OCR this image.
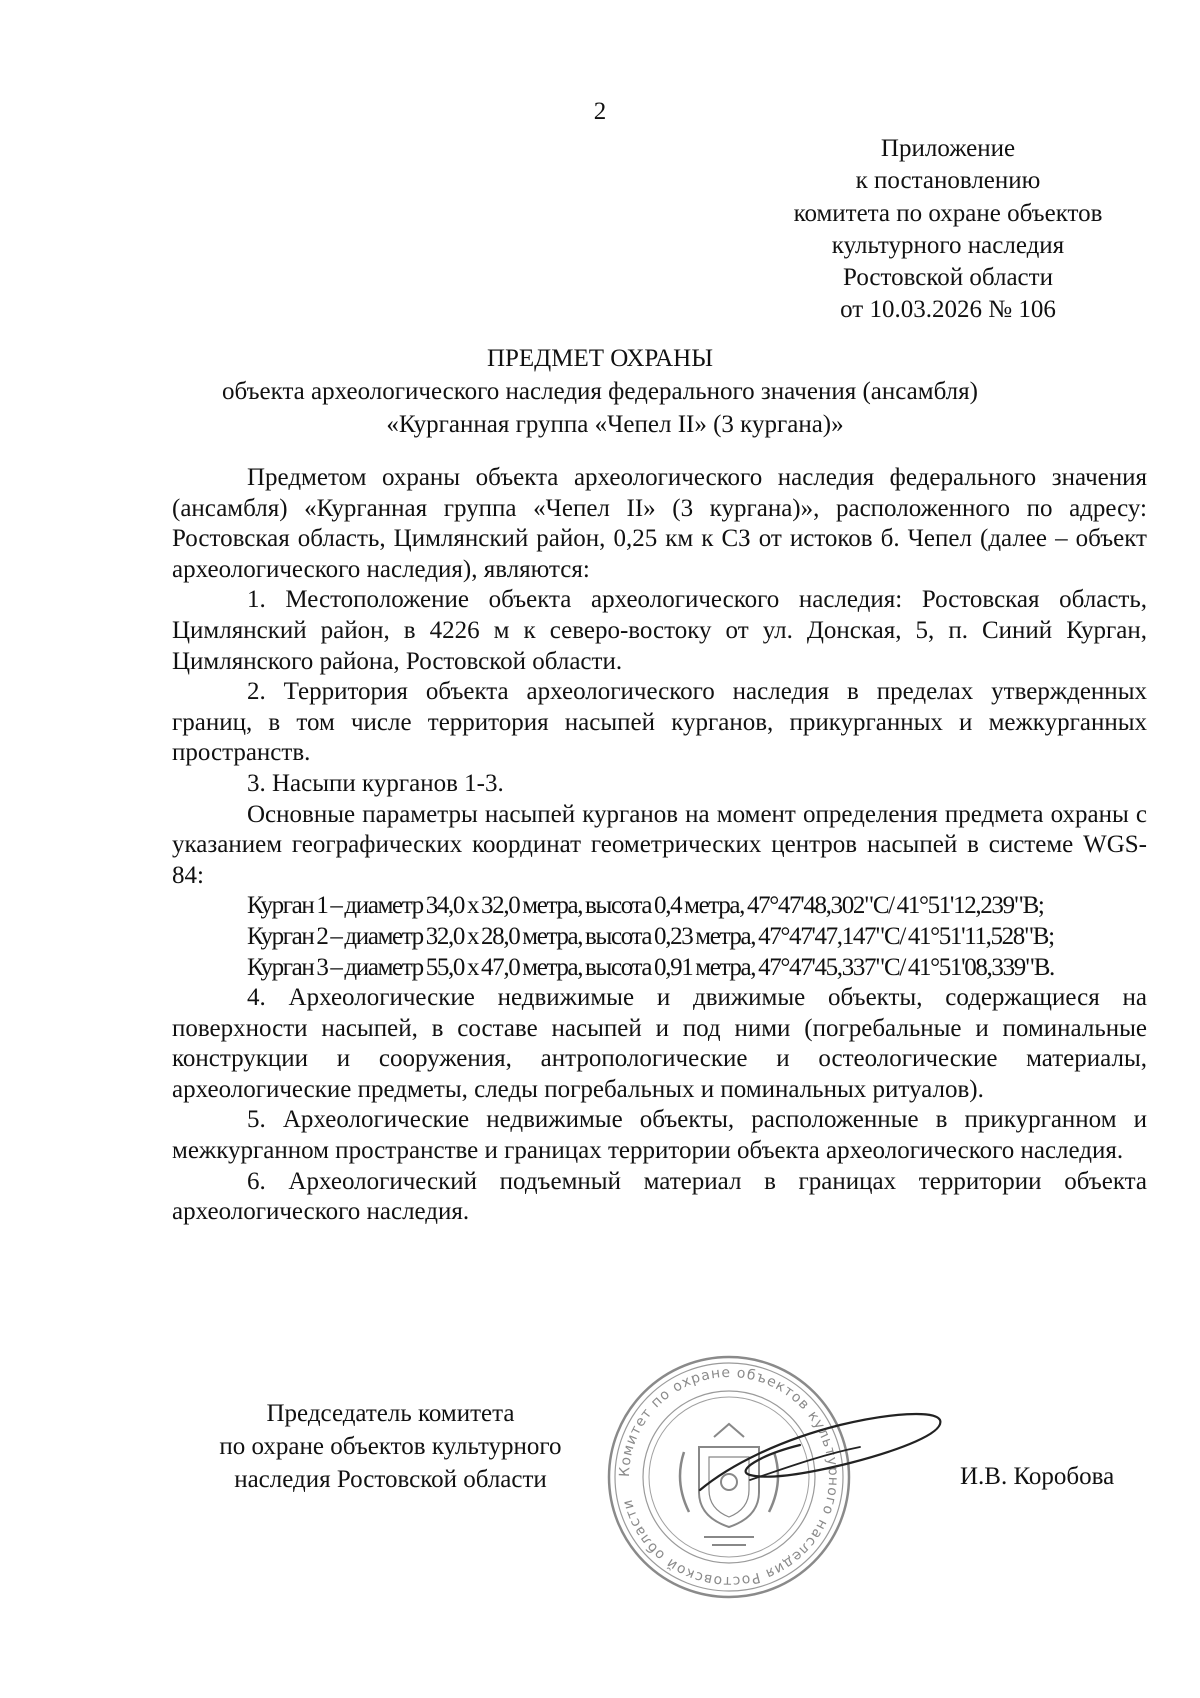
2
Приложение
к постановлению
комитета по охране объектов
культурного наследия
Ростовской области
от 10.03.2026 № 106
ПРЕДМЕТ ОХРАНЫ
объекта археологического наследия федерального значения (ансамбля)
«Курганная группа «Чепел II» (3 кургана)»

Предметом охраны объекта археологического наследия федерального значения (ансамбля) «Курганная группа «Чепел II» (3 кургана)», расположенного по адресу: Ростовская область, Цимлянский район, 0,25 км к СЗ от истоков б. Чепел (далее – объект археологического наследия), являются:

1. Местоположение объекта археологического наследия: Ростовская область, Цимлянский район, в 4226 м к северо-востоку от ул. Донская, 5, п. Синий Курган, Цимлянского района, Ростовской области.

2. Территория объекта археологического наследия в пределах утвержденных границ, в том числе территория насыпей курганов, прикурганных и межкурганных пространств.

3. Насыпи курганов 1-3.

Основные параметры насыпей курганов на момент определения предмета охраны с указанием географических координат геометрических центров насыпей в системе WGS-84:

Курган 1 – диаметр 34,0 х 32,0 метра, высота 0,4 метра, 47°47'48,302"С/ 41°51'12,239"В;

Курган 2 – диаметр 32,0 х 28,0 метра, высота 0,23 метра, 47°47'47,147"С/ 41°51'11,528"В;

Курган 3 – диаметр 55,0 х 47,0 метра, высота 0,91 метра, 47°47'45,337"С/ 41°51'08,339"В.

4. Археологические недвижимые и движимые объекты, содержащиеся на поверхности насыпей, в составе насыпей и под ними (погребальные и поминальные конструкции и сооружения, антропологические и остеологические материалы, археологические предметы, следы погребальных и поминальных ритуалов).

5. Археологические недвижимые объекты, расположенные в прикурганном и межкурганном пространстве и границах территории объекта археологического наследия.

6. Археологический подъемный материал в границах территории объекта археологического наследия.

Председатель комитета
по охране объектов культурного
наследия Ростовской области	Комитет по охране объектов культурного наследия Ростовской области
И.В. Коробова
